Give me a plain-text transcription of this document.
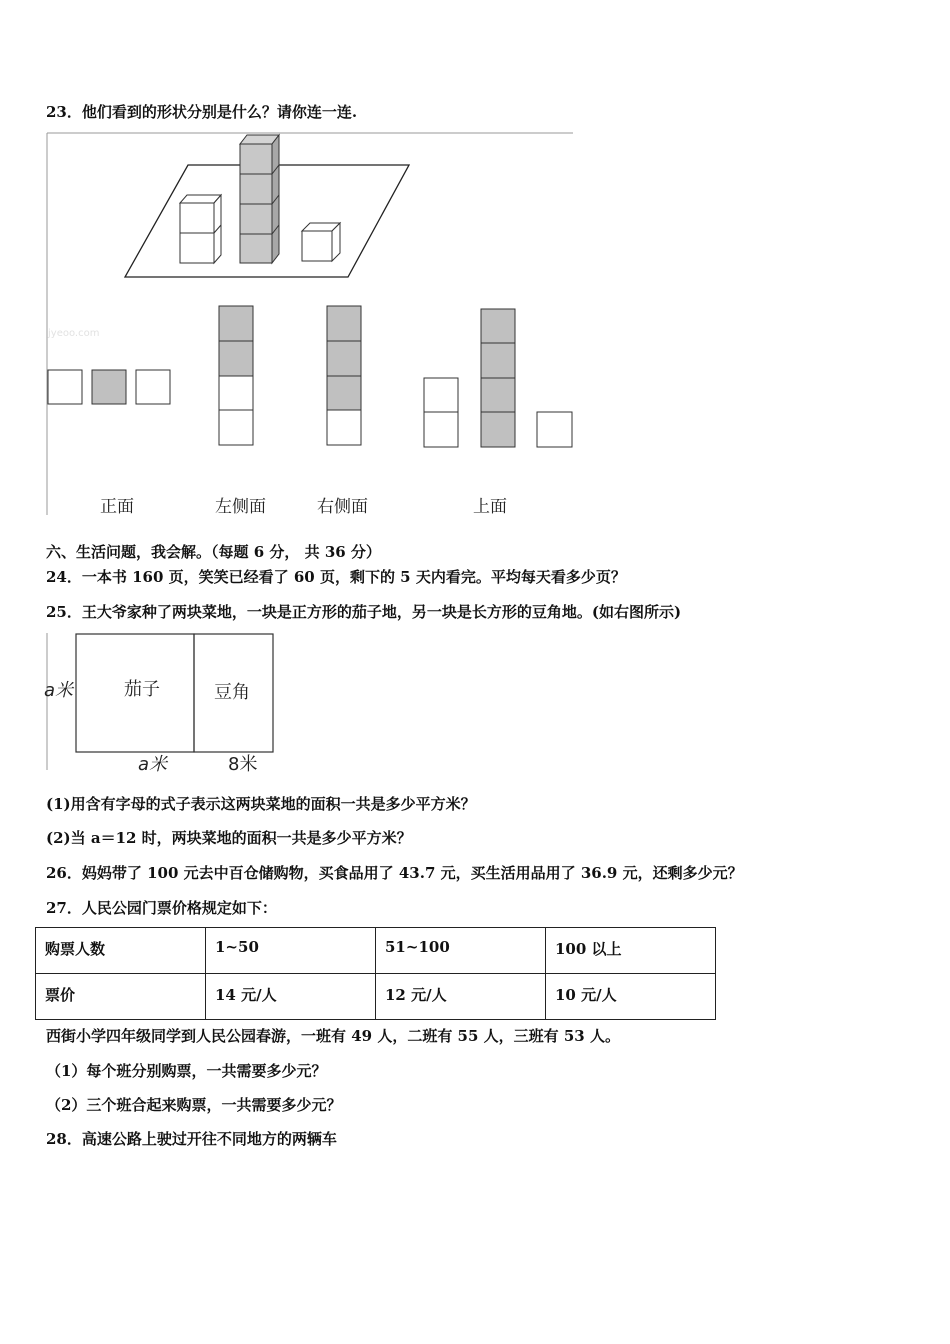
23．他们看到的形状分别是什么？请你连一连.
jyeoo.com
正面	左侧面	右侧面	上面
六、生活问题，我会解。（每题 6 分， 共 36 分）
24．一本书 160 页，笑笑已经看了 60 页，剩下的 5 天内看完。平均每天看多少页？
25．王大爷家种了两块菜地，一块是正方形的茄子地，另一块是长方形的豆角地。(如右图所示)
茄子	豆角
a米
a米	8米
(1)用含有字母的式子表示这两块菜地的面积一共是多少平方米？
(2)当 a＝12 时，两块菜地的面积一共是多少平方米？
26．妈妈带了 100 元去中百仓储购物，买食品用了 43.7 元，买生活用品用了 36.9 元，还剩多少元？
27．人民公园门票价格规定如下：
购票人数	1~50	51~100	100 以上
票价	14 元/人	12 元/人	10 元/人
西街小学四年级同学到人民公园春游，一班有 49 人，二班有 55 人，三班有 53 人。
（1）每个班分别购票，一共需要多少元？
（2）三个班合起来购票，一共需要多少元？
28．高速公路上驶过开往不同地方的两辆车
